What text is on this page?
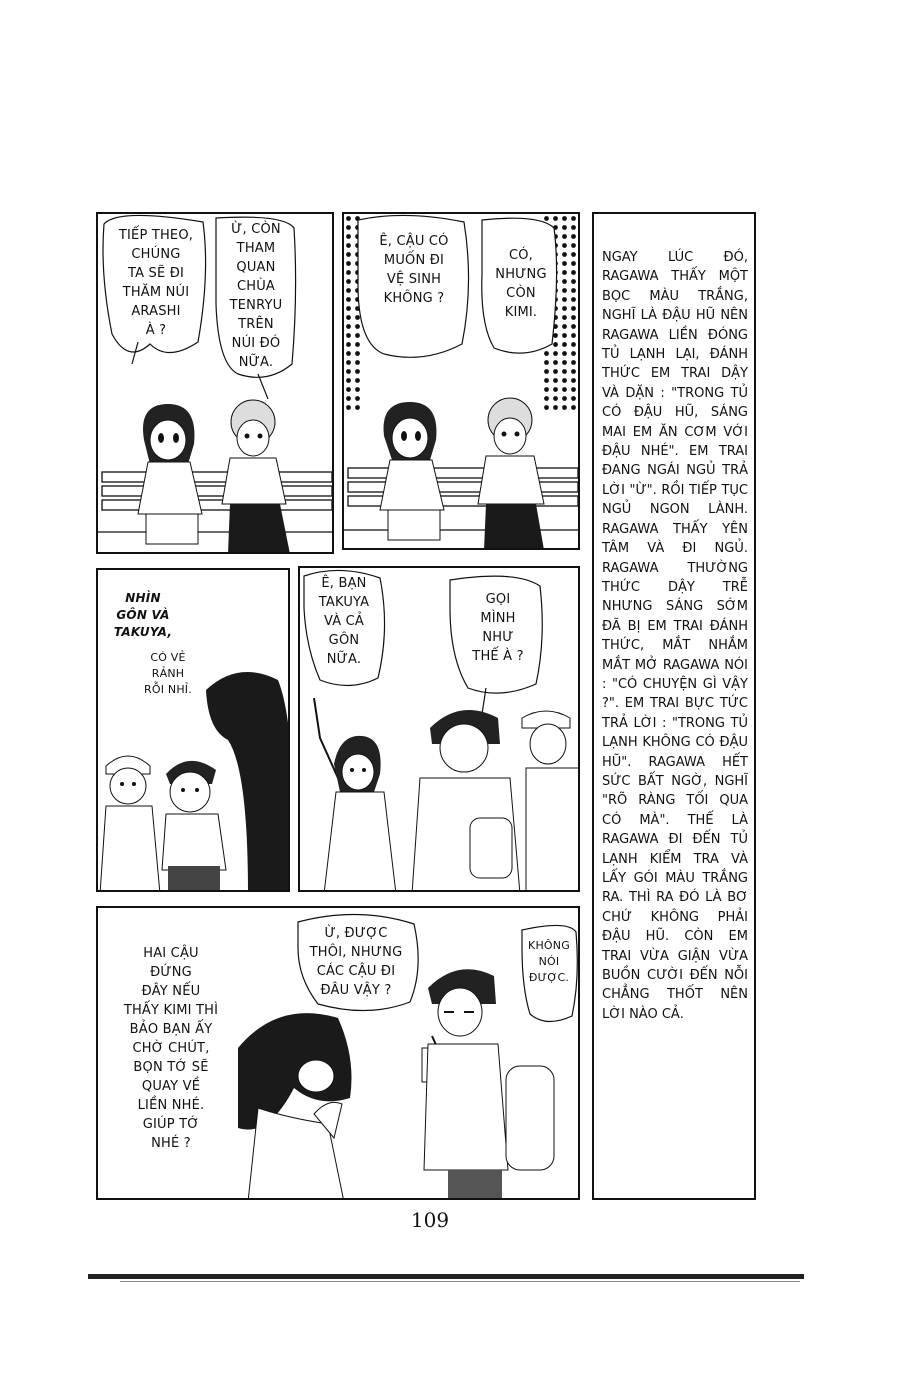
TIẾP THEO,
CHÚNG
TA SẼ ĐI
THĂM NÚI
ARASHI
À ?
Ừ, CÒN
THAM
QUAN
CHÙA
TENRYU
TRÊN
NÚI ĐÓ
NỮA.
Ê, CẬU CÓ
MUỐN ĐI
VỆ SINH
KHÔNG ?
CÓ,
NHƯNG
CÒN
KIMI.
NHÌN
GÔN VÀ
TAKUYA,
CÓ VẺ
RẢNH
RỖI NHỈ.
Ê, BẠN
TAKUYA
VÀ CẢ
GÔN
NỮA.
GỌI
MÌNH
NHƯ
THẾ À ?
HAI CẬU
ĐỨNG
ĐÂY NẾU
THẤY KIMI THÌ
BẢO BẠN ẤY
CHỜ CHÚT,
BỌN TỚ SẼ
QUAY VỀ
LIỀN NHÉ.
GIÚP TỚ
NHÉ ?
Ừ, ĐƯỢC
THÔI, NHƯNG
CÁC CẬU ĐI
ĐÂU VẬY ?
KHÔNG
NÓI
ĐƯỢC.
NGAY LÚC ĐÓ, RAGAWA THẤY MỘT BỌC MÀU TRẮNG, NGHĨ LÀ ĐẬU HŨ NÊN RAGAWA LIỀN ĐÓNG TỦ LẠNH LẠI, ĐÁNH THỨC EM TRAI DẬY VÀ DẶN : "TRONG TỦ CÓ ĐẬU HŨ, SÁNG MAI EM ĂN CƠM VỚI ĐẬU NHÉ". EM TRAI ĐANG NGÁI NGỦ TRẢ LỜI "Ừ". RỒI TIẾP TỤC NGỦ NGON LÀNH. RAGAWA THẤY YÊN TÂM VÀ ĐI NGỦ. RAGAWA THƯỜNG THỨC DẬY TRỄ NHƯNG SÁNG SỚM ĐÃ BỊ EM TRAI ĐÁNH THỨC, MẮT NHẮM MẮT MỞ RAGAWA NÓI : "CÓ CHUYỆN GÌ VẬY ?". EM TRAI BỰC TỨC TRẢ LỜI : "TRONG TỦ LẠNH KHÔNG CÓ ĐẬU HŨ". RAGAWA HẾT SỨC BẤT NGỜ, NGHĨ "RÕ RÀNG TỐI QUA CÓ MÀ". THẾ LÀ RAGAWA ĐI ĐẾN TỦ LẠNH KIỂM TRA VÀ LẤY GÓI MÀU TRẮNG RA. THÌ RA ĐÓ LÀ BƠ CHỨ KHÔNG PHẢI ĐẬU HŨ. CÒN EM TRAI VỪA GIẬN VỪA BUỒN CƯỜI ĐẾN NỖI CHẲNG THỐT NÊN LỜI NÀO CẢ.
109
